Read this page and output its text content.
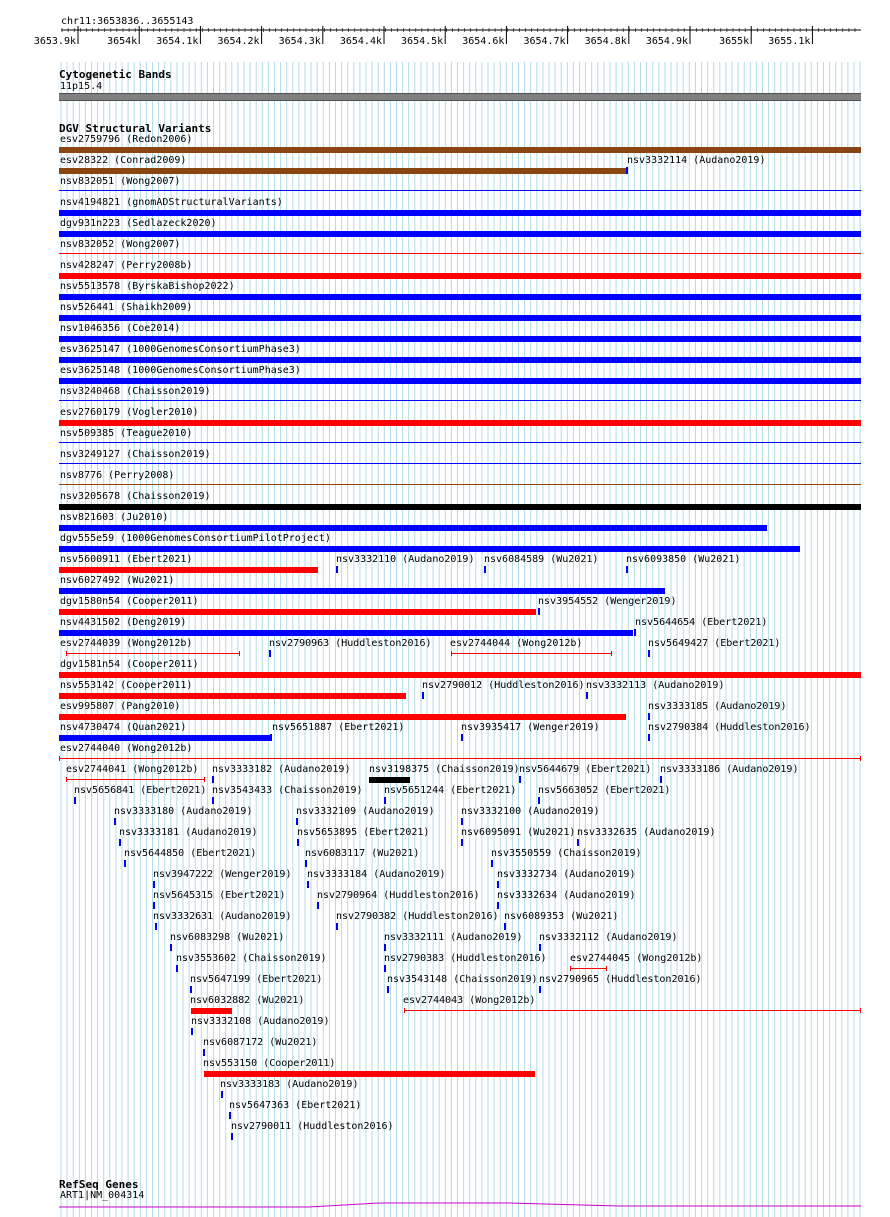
3653.9k	3654k 3654.1k 3654.2k 3654.3k 3654.4k 3654.5k 3654.6k 3654.7k 3654.8k 3654.9k	3655k 3655.1k
chr11:3653836..3655143
Cytogenetic Bands
11p15.4
DGV Structural Variants
esv2759796 (Redon2006)
esv28322 (Conrad2009)	nsv3332114 (Audano2019)
nsv832051 (Wong2007)
nsv4194821 (gnomADStructuralVariants)
dgv931n223 (Sedlazeck2020)
nsv832052 (Wong2007)
nsv428247 (Perry2008b)
nsv5513578 (ByrskaBishop2022)
nsv526441 (Shaikh2009)
nsv1046356 (Coe2014)
esv3625147 (1000GenomesConsortiumPhase3)
esv3625148 (1000GenomesConsortiumPhase3)
nsv3240468 (Chaisson2019)
esv2760179 (Vogler2010)
nsv509385 (Teague2010)
nsv3249127 (Chaisson2019)
nsv8776 (Perry2008)
nsv3205678 (Chaisson2019)
nsv821603 (Ju2010)
dgv555e59 (1000GenomesConsortiumPilotProject)
nsv5600911 (Ebert2021)	nsv3332110 (Audano2019) nsv6084589 (Wu2021)	nsv6093850 (Wu2021)
nsv6027492 (Wu2021)
dgv1580n54 (Cooper2011)	nsv3954552 (Wenger2019)
nsv4431502 (Deng2019)	nsv5644654 (Ebert2021)
esv2744039 (Wong2012b)	nsv2790963 (Huddleston2016) esv2744044 (Wong2012b)	nsv5649427 (Ebert2021)
dgv1581n54 (Cooper2011)
nsv553142 (Cooper2011)	nsv2790012 (Huddleston2016) nsv3332113 (Audano2019)
esv995807 (Pang2010)	nsv3333185 (Audano2019)
nsv4730474 (Quan2021)	nsv5651887 (Ebert2021)	nsv3935417 (Wenger2019)	nsv2790384 (Huddleston2016)
esv2744040 (Wong2012b)
esv2744041 (Wong2012b) nsv3333182 (Audano2019) nsv3198375 (Chaisson2019) nsv5644679 (Ebert2021) nsv3333186 (Audano2019)
nsv5656841 (Ebert2021) nsv3543433 (Chaisson2019) nsv5651244 (Ebert2021) nsv5663052 (Ebert2021)
nsv3333180 (Audano2019)	nsv3332109 (Audano2019)	nsv3332100 (Audano2019)
nsv3333181 (Audano2019)	nsv5653895 (Ebert2021)	nsv6095091 (Wu2021) nsv3332635 (Audano2019)
nsv5644850 (Ebert2021)	nsv6083117 (Wu2021)	nsv3550559 (Chaisson2019)
nsv3947222 (Wenger2019) nsv3333184 (Audano2019)	nsv3332734 (Audano2019)
nsv5645315 (Ebert2021)	nsv2790964 (Huddleston2016) nsv3332634 (Audano2019)
nsv3332631 (Audano2019)	nsv2790382 (Huddleston2016) nsv6089353 (Wu2021)
nsv6083298 (Wu2021)	nsv3332111 (Audano2019) nsv3332112 (Audano2019)
nsv3553602 (Chaisson2019)	nsv2790383 (Huddleston2016) esv2744045 (Wong2012b)
nsv5647199 (Ebert2021)	nsv3543148 (Chaisson2019) nsv2790965 (Huddleston2016)
nsv6032882 (Wu2021)	esv2744043 (Wong2012b)
nsv3332108 (Audano2019)
nsv6087172 (Wu2021)
nsv553150 (Cooper2011)
nsv3333183 (Audano2019)
nsv5647363 (Ebert2021)
nsv2790011 (Huddleston2016)
RefSeq Genes
ART1|NM_004314
